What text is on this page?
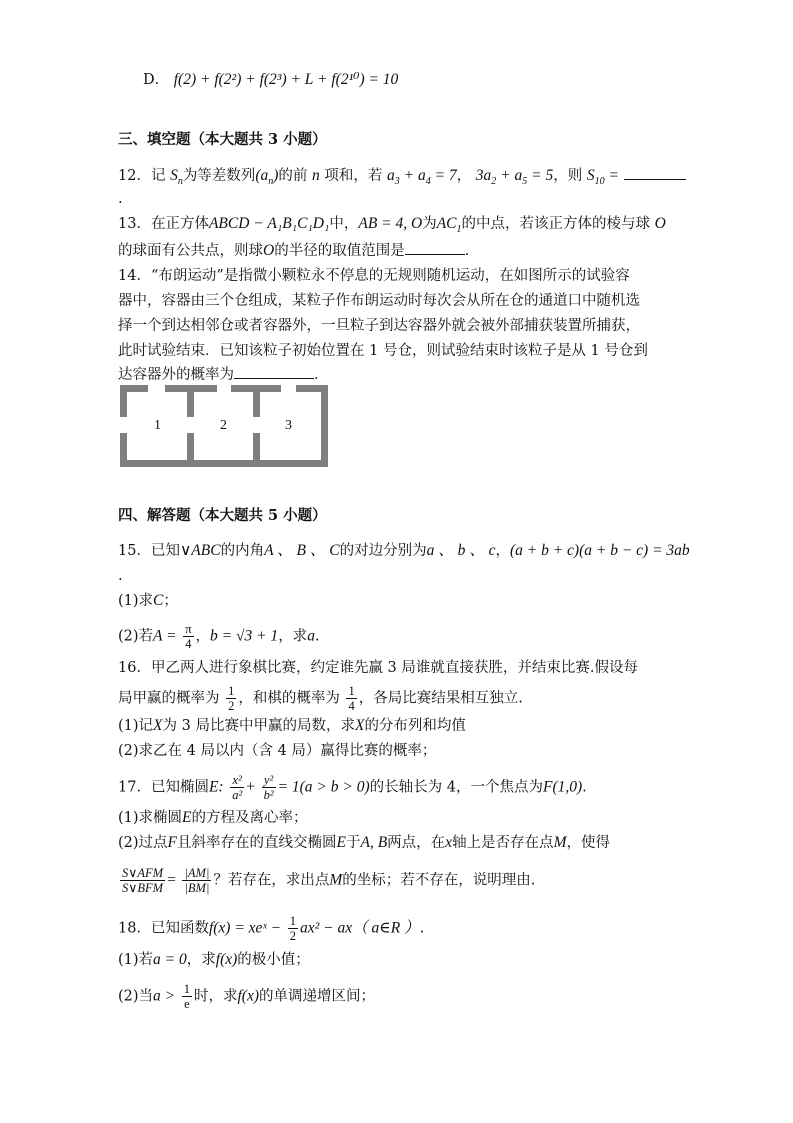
D． f(2) + f(2²) + f(2³) + L + f(2¹⁰) = 10
三、填空题（本大题共 3 小题）
12．记 $S_n$为等差数列$(a_n)$的前 n 项和，若 $a_3 + a_4 = 7$， $3a_2 + a_5 = 5$，则 $S_{10}$ =
.
13．在正方体ABCD − A₁B₁C₁D₁中，AB = 4, O为$AC_1$的中点，若该正方体的棱与球 O
的球面有公共点，则球O的半径的取值范围是	．
14．“布朗运动”是指微小颗粒永不停息的无规则随机运动，在如图所示的试验容
器中，容器由三个仓组成，某粒子作布朗运动时每次会从所在仓的通道口中随机选
择一个到达相邻仓或者容器外，一旦粒子到达容器外就会被外部捕获装置所捕获，
此时试验结束．已知该粒子初始位置在 1 号仓，则试验结束时该粒子是从 1 号仓到
达容器外的概率为	．
1	2	3
四、解答题（本大题共 5 小题）
15．已知∨ABC的内角A 、 B 、 C的对边分别为a 、 b 、 c，(a + b + c)(a + b − c) = 3ab
.
(1)求C；
(2)若$A = \frac{\pi}{4}$ ，b = √3 + 1，求a.
16．甲乙两人进行象棋比赛，约定谁先赢 3 局谁就直接获胜，并结束比赛.假设每
局甲赢的概率为 $\frac{1}{2}$ ，和棋的概率为 $\frac{1}{4}$ ，各局比赛结果相互独立.
(1)记X为 3 局比赛中甲赢的局数，求X的分布列和均值
(2)求乙在 4 局以内（含 4 局）赢得比赛的概率；
17．已知椭圆E: $\frac{\text{x²}}{\text{a²}} + \frac{\text{y²}}{\text{b²}} = 1(a > b > 0)$的长轴长为 4，一个焦点为F(1,0).
(1)求椭圆E的方程及离心率；
(2)过点F且斜率存在的直线交椭圆E于A, B两点，在x轴上是否存在点M，使得
$\frac{\text{S∨AFM}}{\text{S∨BFM}} = \frac{|AM|}{|BM|}$ ？若存在，求出点M的坐标；若不存在，说明理由.
18．已知函数f(x) = xeˣ − $\frac{1}{2} ax^2 - ax$（ a∈R ）.
(1)若a = 0，求f(x)的极小值；
(2)当$a > \frac{1}{e}$ 时，求f(x)的单调递增区间；
